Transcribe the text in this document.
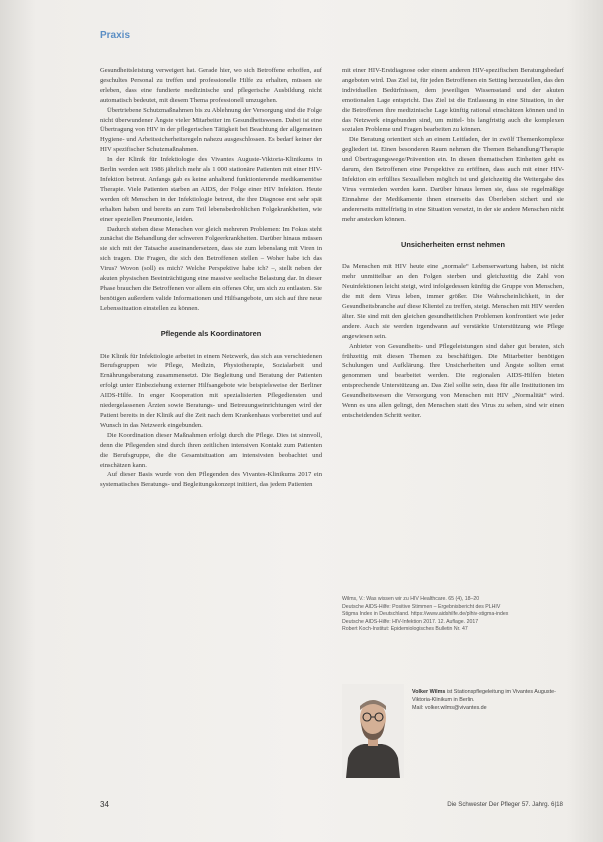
Praxis

Gesundheitsleistung verweigert hat. Gerade hier, wo sich Betroffene erhoffen, auf geschultes Personal zu treffen und professionelle Hilfe zu erhalten, müssen sie erleben, dass eine fundierte medizinische und pflegerische Ausbildung nicht automatisch bedeutet, mit diesem Thema professionell umzugehen.

Übertriebene Schutzmaßnahmen bis zu Ablehnung der Versorgung sind die Folge nicht überwundener Ängste vieler Mitarbeiter im Gesundheitswesen. Dabei ist eine Übertragung von HIV in der pflegerischen Tätigkeit bei Beachtung der allgemeinen Hygiene- und Arbeitssicherheitsregeln nahezu ausgeschlossen. Es bedarf keiner der HIV spezifischer Schutzmaßnahmen.

In der Klinik für Infektiologie des Vivantes Auguste-Viktoria-Klinikums in Berlin werden seit 1986 jährlich mehr als 1 000 stationäre Patienten mit einer HIV-Infektion betreut. Anfangs gab es keine anhaltend funktionierende medikamentöse Therapie. Viele Patienten starben an AIDS, der Folge einer HIV Infektion. Heute werden oft Menschen in der Infektiologie betreut, die ihre Diagnose erst sehr spät erhalten haben und bereits an zum Teil lebensbedrohlichen Folgekrankheiten, wie einer speziellen Pneumonie, leiden.

Dadurch stehen diese Menschen vor gleich mehreren Problemen: Im Fokus steht zunächst die Behandlung der schweren Folgeerkrankheiten. Darüber hinaus müssen sie sich mit der Tatsache auseinandersetzen, dass sie zum lebenslang mit Viren in sich tragen. Die Fragen, die sich den Betroffenen stellen – Woher habe ich das Virus? Wovon (soll) es mich? Welche Perspektive habe ich? –, stellt neben der akuten physischen Beeinträchtigung eine massive seelische Belastung dar. In dieser Phase brauchen die Betroffenen vor allem ein offenes Ohr, um sich zu entlasten. Sie benötigen außerdem valide Informationen und Hilfsangebote, um sich auf ihre neue Lebenssituation einstellen zu können.

Pflegende als Koordinatoren

Die Klinik für Infektiologie arbeitet in einem Netzwerk, das sich aus verschiedenen Berufsgruppen wie Pflege, Medizin, Physiotherapie, Sozialarbeit und Ernährungsberatung zusammensetzt. Die Begleitung und Beratung der Patienten erfolgt unter Einbeziehung externer Hilfsangebote wie beispielsweise der Berliner AIDS-Hilfe. In enger Kooperation mit spezialisierten Pflegediensten und niedergelassenen Ärzten sowie Beratungs- und Betreuungseinrichtungen wird der Patient bereits in der Klinik auf die Zeit nach dem Krankenhaus vorbereitet und auf Wunsch in das Netzwerk eingebunden.

Die Koordination dieser Maßnahmen erfolgt durch die Pflege. Dies ist sinnvoll, denn die Pflegenden sind durch ihren zeitlichen intensiven Kontakt zum Patienten die Berufsgruppe, die die Gesamtsituation am intensivsten beobachtet und einschätzen kann.

Auf dieser Basis wurde von den Pflegenden des Vivantes-Klinikums 2017 ein systematisches Beratungs- und Begleitungskonzept initiiert, das jedem Patienten

mit einer HIV-Erstdiagnose oder einem anderen HIV-spezifischen Beratungsbedarf angeboten wird. Das Ziel ist, für jeden Betroffenen ein Setting herzustellen, das den individuellen Bedürfnissen, dem jeweiligen Wissensstand und der akuten emotionalen Lage entspricht. Das Ziel ist die Entlassung in eine Situation, in der die Betroffenen ihre medizinische Lage künftig rational einschätzen können und in das Netzwerk eingebunden sind, um mittel- bis langfristig auch die komplexen sozialen Probleme und Fragen bearbeiten zu können.

Die Beratung orientiert sich an einem Leitfaden, der in zwölf Themenkomplexe gegliedert ist. Einen besonderen Raum nehmen die Themen Behandlung/Therapie und Übertragungswege/Prävention ein. In diesen thematischen Einheiten geht es darum, den Betroffenen eine Perspektive zu eröffnen, dass auch mit einer HIV-Infektion ein erfülltes Sexualleben möglich ist und gleichzeitig die Weitergabe des Virus vermieden werden kann. Darüber hinaus lernen sie, dass sie regelmäßige Einnahme der Medikamente ihnen einerseits das Überleben sichert und sie andererseits mittelfristig in eine Situation versetzt, in der sie andere Menschen nicht mehr anstecken können.

Unsicherheiten ernst nehmen

Da Menschen mit HIV heute eine „normale“ Lebenserwartung haben, ist nicht mehr unmittelbar an den Folgen sterben und gleichzeitig die Zahl von Neuinfektionen leicht steigt, wird infolgedessen künftig die Gruppe von Menschen, die mit dem Virus leben, immer größer. Die Wahrscheinlichkeit, in der Gesundheitsbranche auf diese Klientel zu treffen, steigt. Menschen mit HIV werden älter. Sie sind mit den gleichen gesundheitlichen Problemen konfrontiert wie jeder andere. Auch sie werden irgendwann auf verstärkte Unterstützung wie Pflege angewiesen sein.

Anbieter von Gesundheits- und Pflegeleistungen sind daher gut beraten, sich frühzeitig mit diesen Themen zu beschäftigen. Die Mitarbeiter benötigen Schulungen und Aufklärung. Ihre Unsicherheiten und Ängste sollten ernst genommen und bearbeitet werden. Die regionalen AIDS-Hilfen bieten entsprechende Unterstützung an. Das Ziel sollte sein, dass für alle Institutionen im Gesundheitswesen die Versorgung von Menschen mit HIV „Normalität“ wird. Wenn es uns allen gelingt, den Menschen statt des Virus zu sehen, sind wir einen entscheidenden Schritt weiter.

Wilms, V.: Was wissen wir zu HIV Healthcare. 65 (4), 18–20
Deutsche AIDS-Hilfe: Positive Stimmen – Ergebnisbericht des PLHIV
Stigma Index in Deutschland. https://www.aidshilfe.de/plhiv-stigma-index
Deutsche AIDS-Hilfe: HIV-Infektion 2017. 12. Auflage. 2017
Robert Koch-Institut: Epidemiologisches Bulletin Nr. 47
Volker Wilms ist Stationspflegeleitung im Vivantes Auguste-Viktoria-Klinikum in Berlin.
Mail: volker.wilms@vivantes.de
34	Die Schwester Der Pfleger 57. Jahrg. 6|18
